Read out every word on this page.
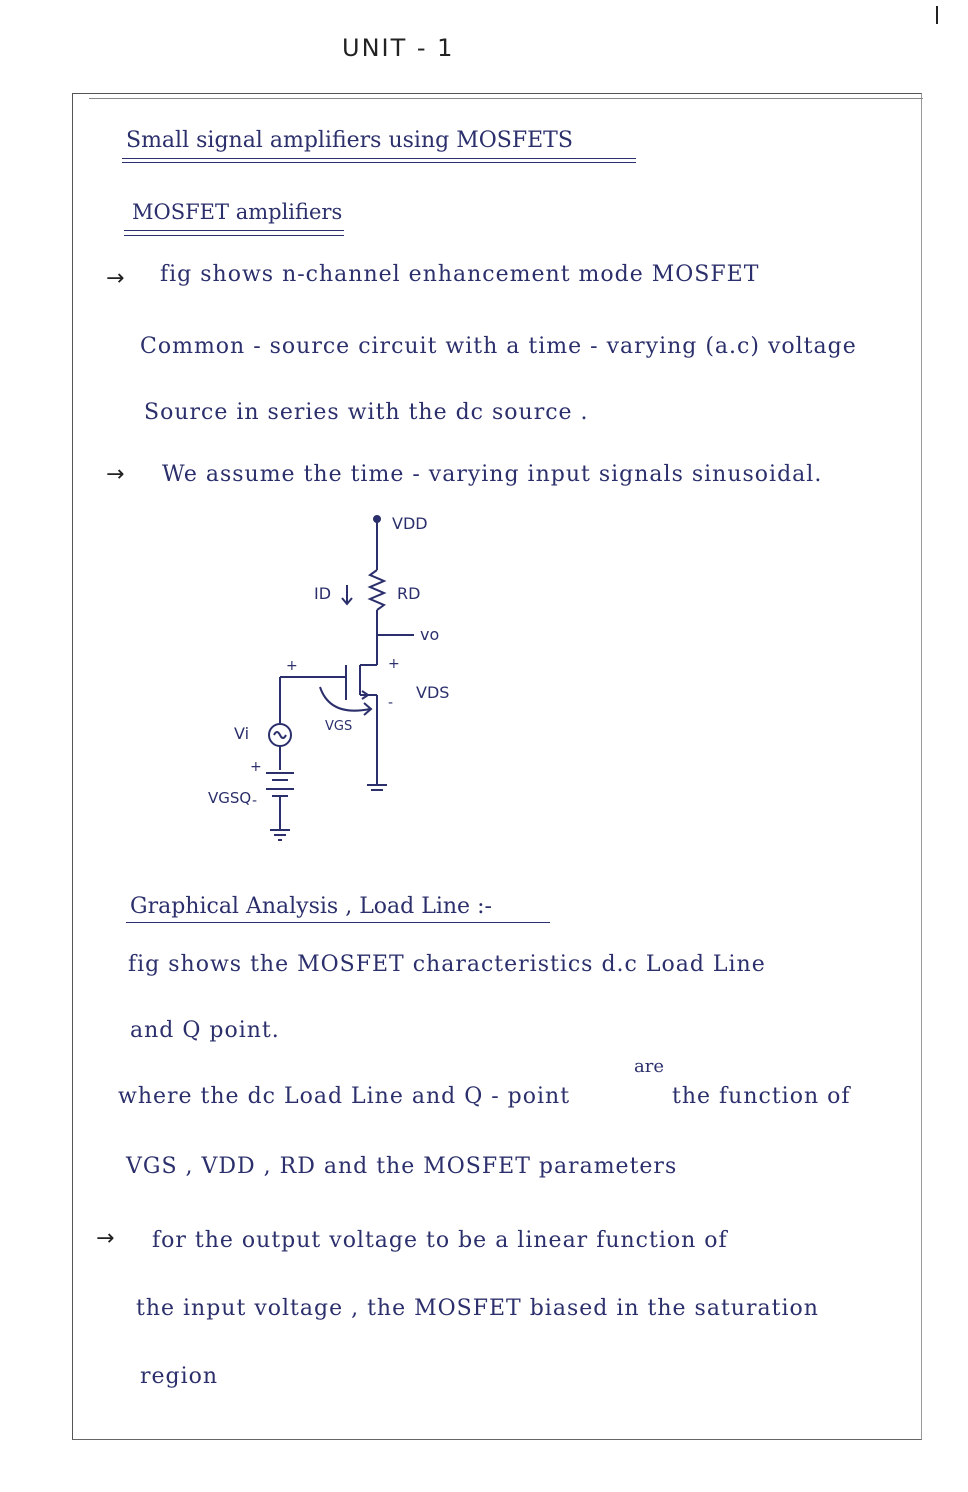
UNIT - 1
Small signal amplifiers using MOSFETS
MOSFET amplifiers
→ fig shows n-channel enhancement mode MOSFET
Common - source circuit with a time - varying (a.c) voltage
Source in series with the dc source .
→ We assume the time - varying input signals sinusoidal.
VDD
ID	RD
vo
VDS
VGS
Vi
VGSQ
+	+
-
+
-
Graphical Analysis , Load Line :-
fig shows the MOSFET characteristics d.c Load Line
and Q point.
where the dc Load Line and Q - point
are
the function of
VGS , VDD , RD and the MOSFET parameters
→ for the output voltage to be a linear function of
the input voltage , the MOSFET biased in the saturation
region
